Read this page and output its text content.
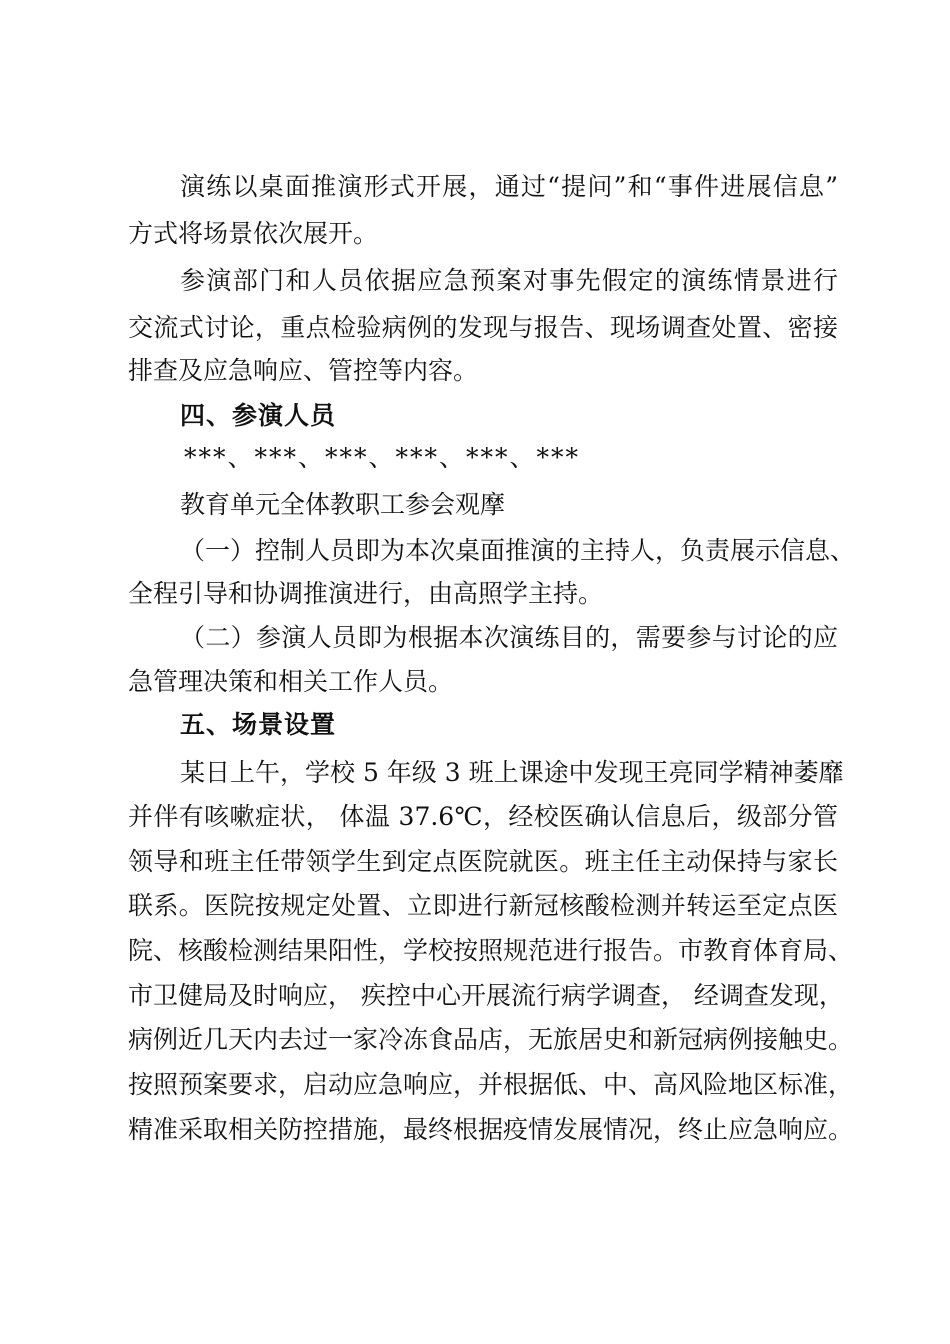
演练以桌面推演形式开展，通过“提问”和“事件进展信息”
方式将场景依次展开。
参演部门和人员依据应急预案对事先假定的演练情景进行
交流式讨论，重点检验病例的发现与报告、现场调查处置、密接
排查及应急响应、管控等内容。
四、参演人员
***、***、***、***、***、***
教育单元全体教职工参会观摩
（一）控制人员即为本次桌面推演的主持人，负责展示信息、
全程引导和协调推演进行，由高照学主持。
（二）参演人员即为根据本次演练目的，需要参与讨论的应
急管理决策和相关工作人员。
五、场景设置
某日上午，学校 5 年级 3 班上课途中发现王亮同学精神萎靡
并伴有咳嗽症状， 体温 37.6℃，经校医确认信息后，级部分管
领导和班主任带领学生到定点医院就医。班主任主动保持与家长
联系。医院按规定处置、立即进行新冠核酸检测并转运至定点医
院、核酸检测结果阳性，学校按照规范进行报告。市教育体育局、
市卫健局及时响应， 疾控中心开展流行病学调查， 经调查发现，
病例近几天内去过一家冷冻食品店，无旅居史和新冠病例接触史。
按照预案要求，启动应急响应，并根据低、中、高风险地区标准，
精准采取相关防控措施，最终根据疫情发展情况，终止应急响应。
